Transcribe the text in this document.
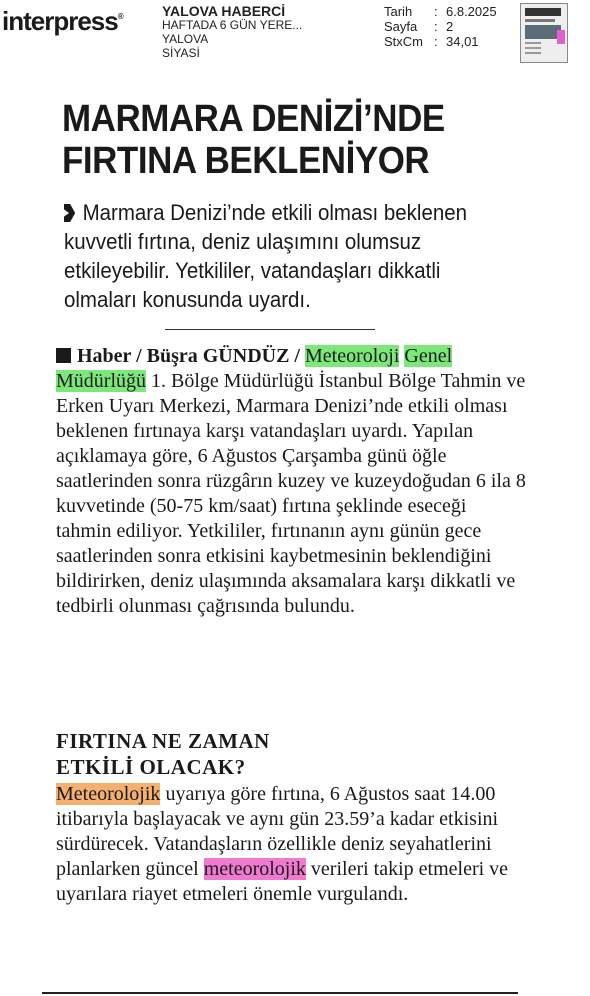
interpress®	YALOVA HABERCİ
HAFTADA 6 GÜN YERE...
YALOVA
SİYASİ
Tarih	: 6.8.2025
Sayfa	: 2
StxCm : 34,01
MARMARA DENİZİ’NDE
FIRTINA BEKLENİYOR
Marmara Denizi’nde etkili olması beklenen kuvvetli fırtına, deniz ulaşımını olumsuz etkileyebilir. Yetkililer, vatandaşları dikkatli olmaları konusunda uyardı.

Haber / Büşra GÜNDÜZ / Meteoroloji Genel Müdürlüğü 1. Bölge Müdürlüğü İstanbul Bölge Tahmin ve Erken Uyarı Merkezi, Marmara Denizi’nde etkili olması beklenen fırtınaya karşı vatandaşları uyardı. Yapılan açıklamaya göre, 6 Ağustos Çarşamba günü öğle saatlerinden sonra rüzgârın kuzey ve kuzeydoğudan 6 ila 8 kuvvetinde (50-75 km/saat) fırtına şeklinde eseceği tahmin ediliyor. Yetkililer, fırtınanın aynı günün gece saatlerinden sonra etkisini kaybetmesinin beklendiğini bildirirken, deniz ulaşımında aksamalara karşı dikkatli ve tedbirli olunması çağrısında bulundu.

FIRTINA NE ZAMAN
ETKİLİ OLACAK?

Meteorolojik uyarıya göre fırtına, 6 Ağustos saat 14.00 itibarıyla başlayacak ve aynı gün 23.59’a kadar etkisini sürdürecek. Vatandaşların özellikle deniz seyahatlerini planlarken güncel meteorolojik verileri takip etmeleri ve uyarılara riayet etmeleri önemle vurgulandı.
